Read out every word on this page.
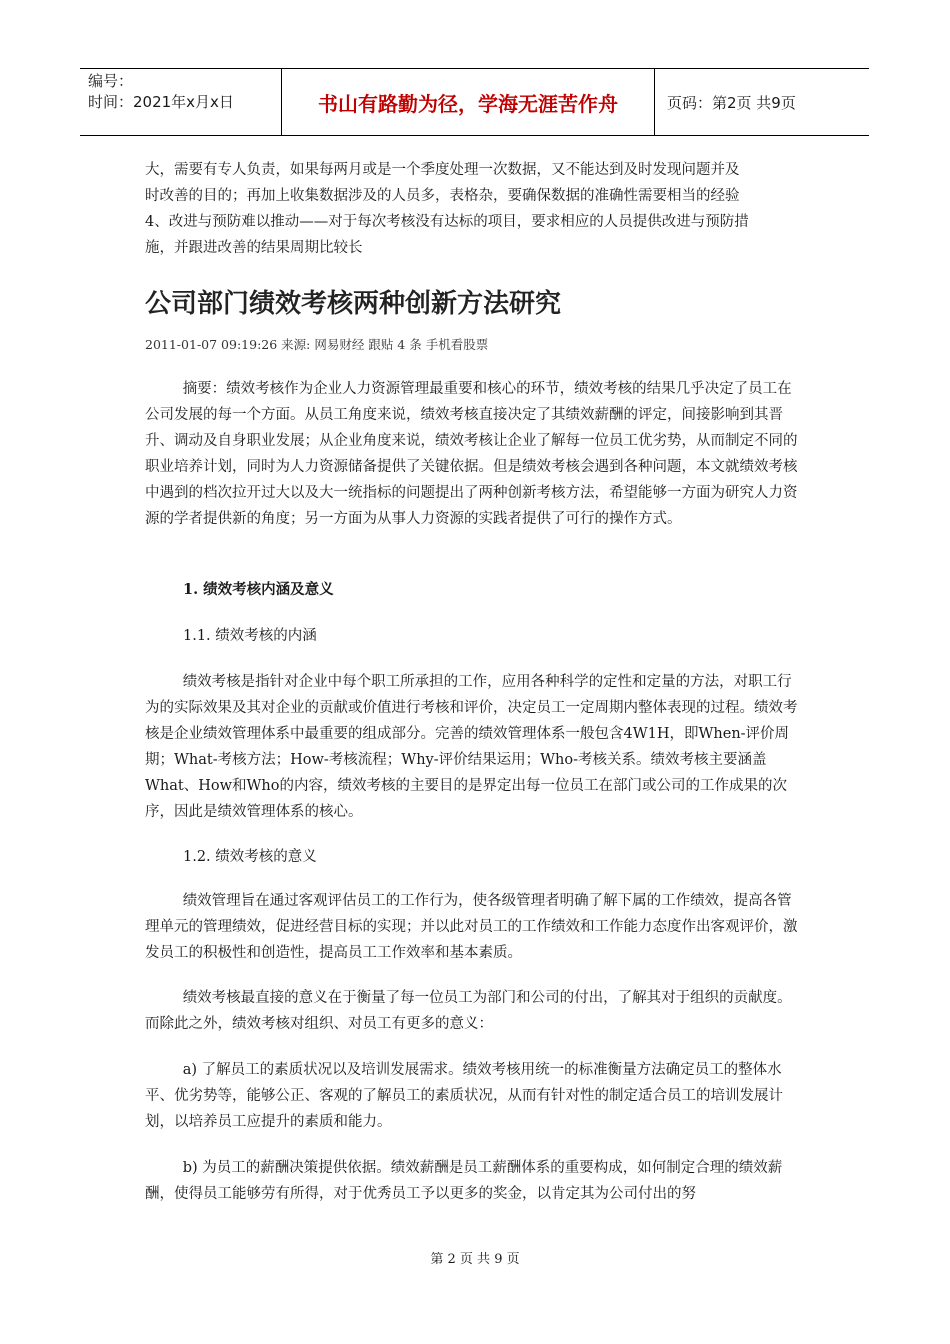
编号：
时间：2021年x月x日	书山有路勤为径，学海无涯苦作舟	页码：第2页 共9页

大，需要有专人负责，如果每两月或是一个季度处理一次数据，又不能达到及时发现问题并及

时改善的目的；再加上收集数据涉及的人员多，表格杂，要确保数据的准确性需要相当的经验

4、改进与预防难以推动——对于每次考核没有达标的项目，要求相应的人员提供改进与预防措

施，并跟进改善的结果周期比较长

公司部门绩效考核两种创新方法研究
2011-01-07 09:19:26 来源: 网易财经 跟贴 4 条 手机看股票
摘要：绩效考核作为企业人力资源管理最重要和核心的环节，绩效考核的结果几乎决定了员工在公司发展的每一个方面。从员工角度来说，绩效考核直接决定了其绩效薪酬的评定，间接影响到其晋升、调动及自身职业发展；从企业角度来说，绩效考核让企业了解每一位员工优劣势，从而制定不同的职业培养计划，同时为人力资源储备提供了关键依据。但是绩效考核会遇到各种问题，本文就绩效考核中遇到的档次拉开过大以及大一统指标的问题提出了两种创新考核方法，希望能够一方面为研究人力资源的学者提供新的角度；另一方面为从事人力资源的实践者提供了可行的操作方式。
1. 绩效考核内涵及意义
1.1. 绩效考核的内涵
绩效考核是指针对企业中每个职工所承担的工作，应用各种科学的定性和定量的方法，对职工行为的实际效果及其对企业的贡献或价值进行考核和评价，决定员工一定周期内整体表现的过程。绩效考核是企业绩效管理体系中最重要的组成部分。完善的绩效管理体系一般包含4W1H，即When-评价周期；What-考核方法；How-考核流程；Why-评价结果运用；Who-考核关系。绩效考核主要涵盖What、How和Who的内容，绩效考核的主要目的是界定出每一位员工在部门或公司的工作成果的次序，因此是绩效管理体系的核心。
1.2. 绩效考核的意义
绩效管理旨在通过客观评估员工的工作行为，使各级管理者明确了解下属的工作绩效，提高各管理单元的管理绩效，促进经营目标的实现；并以此对员工的工作绩效和工作能力态度作出客观评价，激发员工的积极性和创造性，提高员工工作效率和基本素质。
绩效考核最直接的意义在于衡量了每一位员工为部门和公司的付出，了解其对于组织的贡献度。而除此之外，绩效考核对组织、对员工有更多的意义：
a) 了解员工的素质状况以及培训发展需求。绩效考核用统一的标准衡量方法确定员工的整体水平、优劣势等，能够公正、客观的了解员工的素质状况，从而有针对性的制定适合员工的培训发展计划，以培养员工应提升的素质和能力。
b) 为员工的薪酬决策提供依据。绩效薪酬是员工薪酬体系的重要构成，如何制定合理的绩效薪酬，使得员工能够劳有所得，对于优秀员工予以更多的奖金，以肯定其为公司付出的努
第 2 页 共 9 页
